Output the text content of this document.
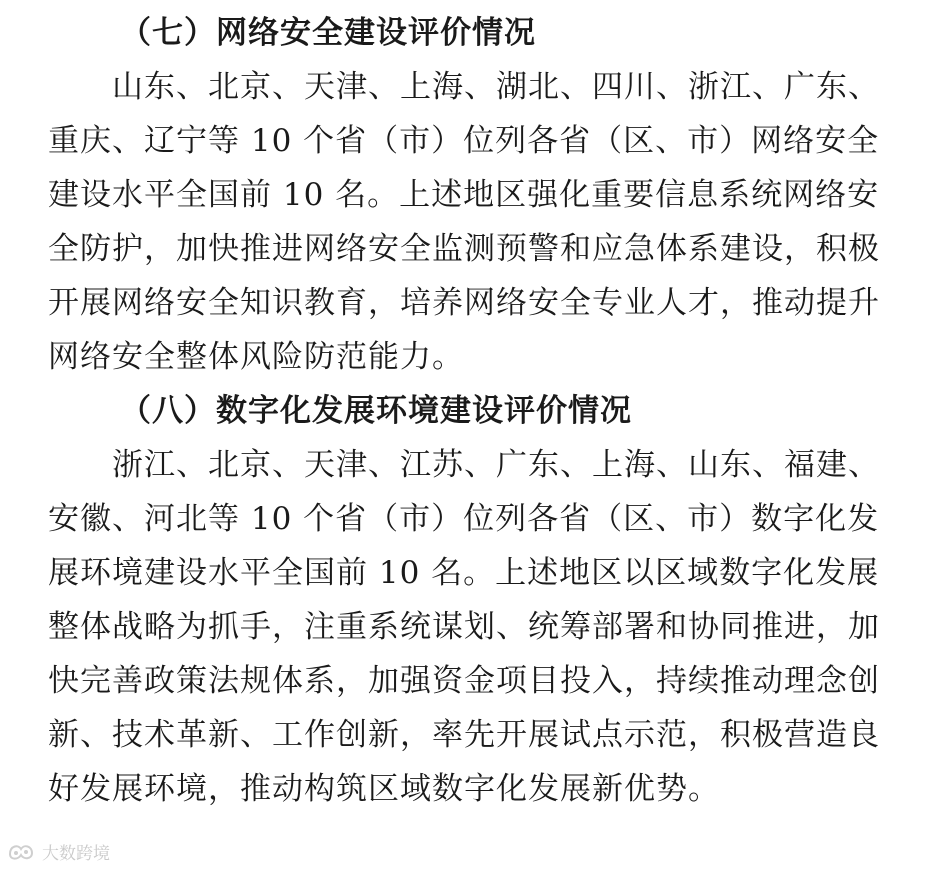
（七）网络安全建设评价情况
山东、北京、天津、上海、湖北、四川、浙江、广东、
重庆、辽宁等 10 个省（市）位列各省（区、市）网络安全
建设水平全国前 10 名。上述地区强化重要信息系统网络安
全防护，加快推进网络安全监测预警和应急体系建设，积极
开展网络安全知识教育，培养网络安全专业人才，推动提升
网络安全整体风险防范能力。
（八）数字化发展环境建设评价情况
浙江、北京、天津、江苏、广东、上海、山东、福建、
安徽、河北等 10 个省（市）位列各省（区、市）数字化发
展环境建设水平全国前 10 名。上述地区以区域数字化发展
整体战略为抓手，注重系统谋划、统筹部署和协同推进，加
快完善政策法规体系，加强资金项目投入，持续推动理念创
新、技术革新、工作创新，率先开展试点示范，积极营造良
好发展环境，推动构筑区域数字化发展新优势。
大数跨境
